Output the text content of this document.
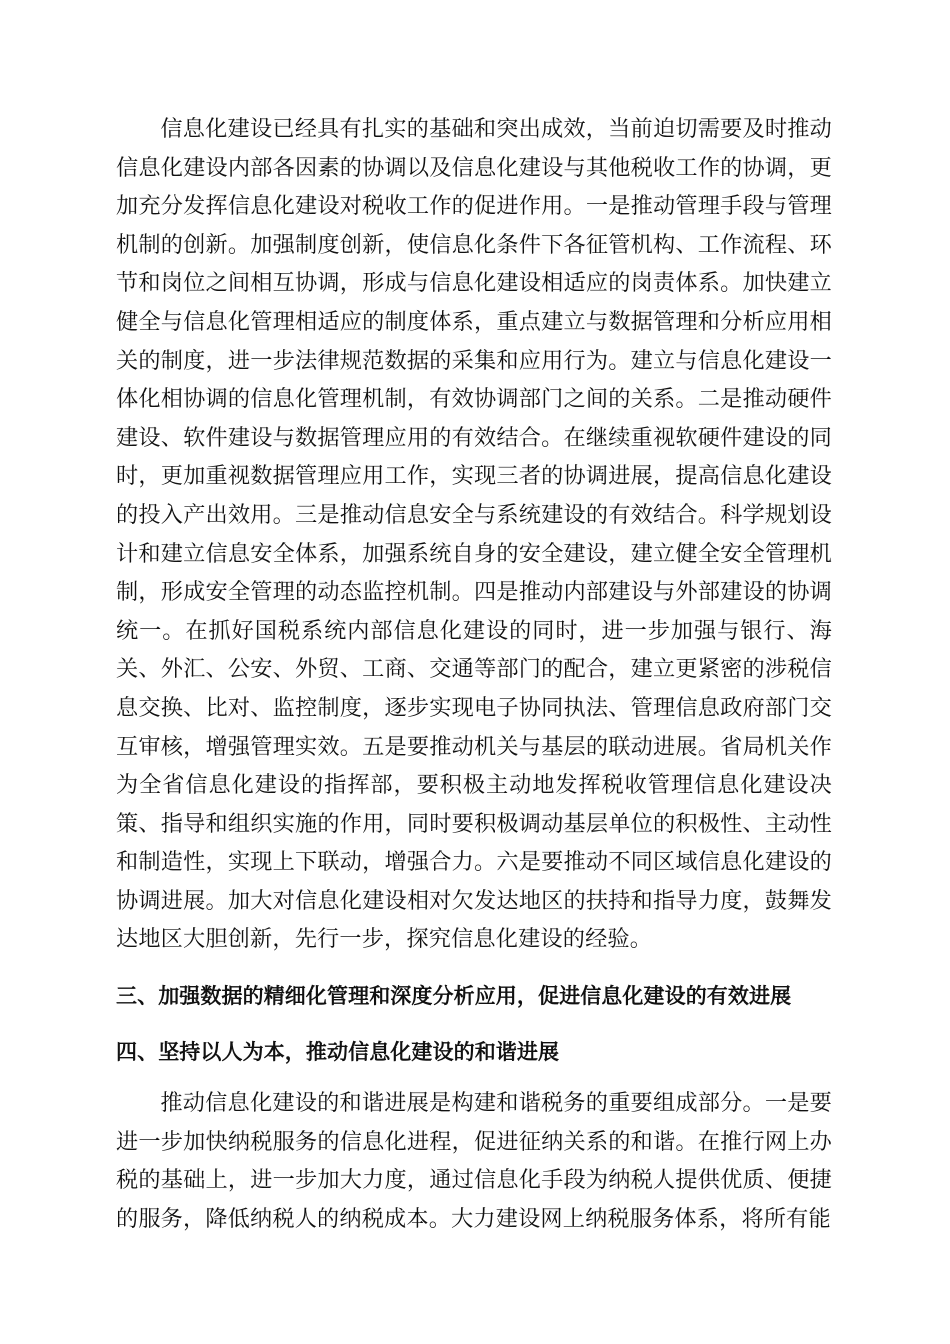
信息化建设已经具有扎实的基础和突出成效，当前迫切需要及时推动信息化建设内部各因素的协调以及信息化建设与其他税收工作的协调，更加充分发挥信息化建设对税收工作的促进作用。一是推动管理手段与管理机制的创新。加强制度创新，使信息化条件下各征管机构、工作流程、环节和岗位之间相互协调，形成与信息化建设相适应的岗责体系。加快建立健全与信息化管理相适应的制度体系，重点建立与数据管理和分析应用相关的制度，进一步法律规范数据的采集和应用行为。建立与信息化建设一体化相协调的信息化管理机制，有效协调部门之间的关系。二是推动硬件建设、软件建设与数据管理应用的有效结合。在继续重视软硬件建设的同时，更加重视数据管理应用工作，实现三者的协调进展，提高信息化建设的投入产出效用。三是推动信息安全与系统建设的有效结合。科学规划设计和建立信息安全体系，加强系统自身的安全建设，建立健全安全管理机制，形成安全管理的动态监控机制。四是推动内部建设与外部建设的协调统一。在抓好国税系统内部信息化建设的同时，进一步加强与银行、海关、外汇、公安、外贸、工商、交通等部门的配合，建立更紧密的涉税信息交换、比对、监控制度，逐步实现电子协同执法、管理信息政府部门交互审核，增强管理实效。五是要推动机关与基层的联动进展。省局机关作为全省信息化建设的指挥部，要积极主动地发挥税收管理信息化建设决策、指导和组织实施的作用，同时要积极调动基层单位的积极性、主动性和制造性，实现上下联动，增强合力。六是要推动不同区域信息化建设的协调进展。加大对信息化建设相对欠发达地区的扶持和指导力度，鼓舞发达地区大胆创新，先行一步，探究信息化建设的经验。

三、加强数据的精细化管理和深度分析应用，促进信息化建设的有效进展
四、坚持以人为本，推动信息化建设的和谐进展

推动信息化建设的和谐进展是构建和谐税务的重要组成部分。一是要进一步加快纳税服务的信息化进程，促进征纳关系的和谐。在推行网上办税的基础上，进一步加大力度，通过信息化手段为纳税人提供优质、便捷的服务，降低纳税人的纳税成本。大力建设网上纳税服务体系，将所有能
